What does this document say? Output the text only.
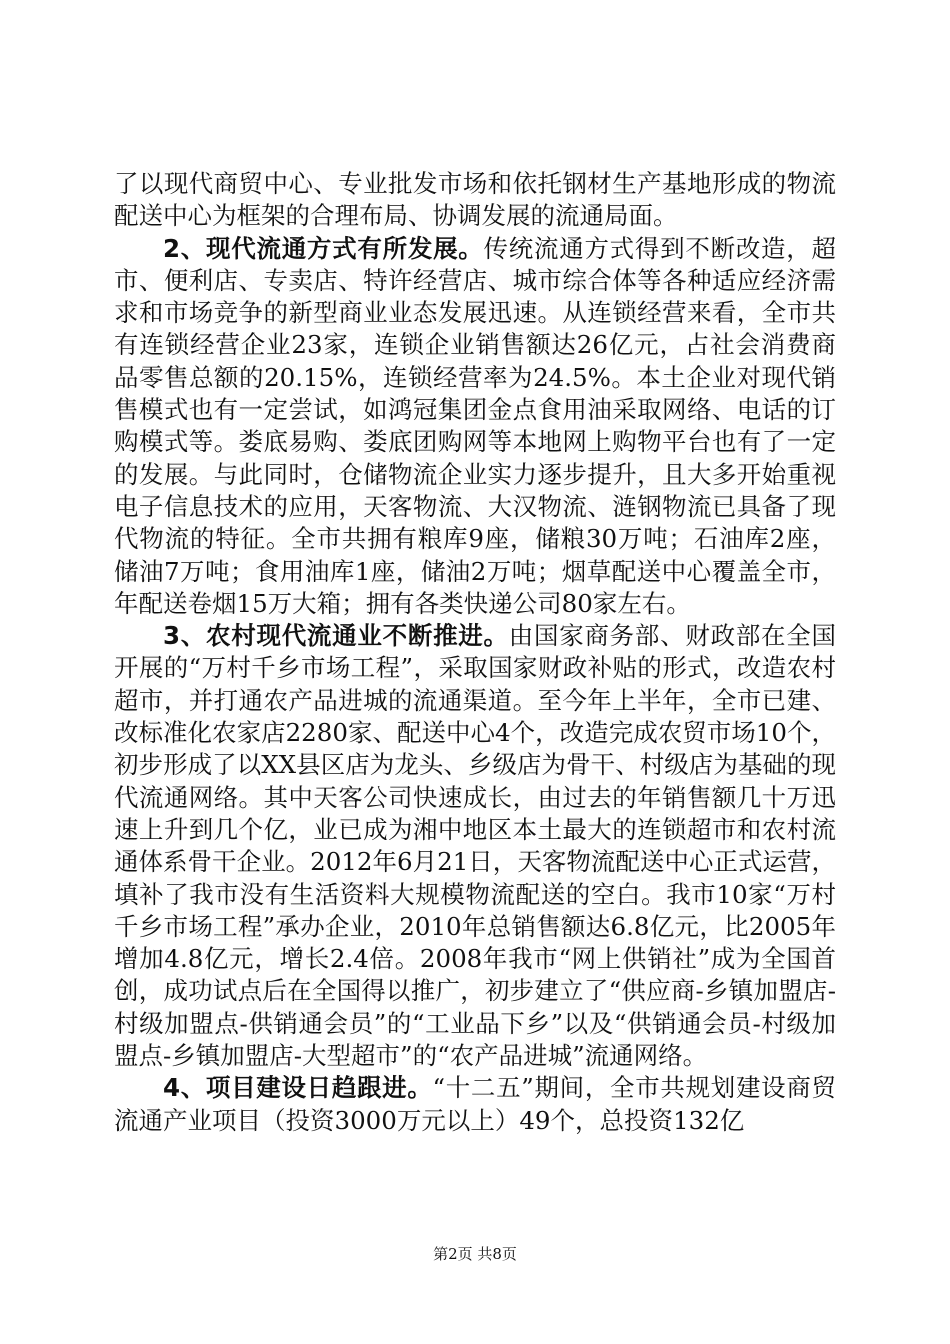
了以现代商贸中心、专业批发市场和依托钢材生产基地形成的物流配送中心为框架的合理布局、协调发展的流通局面。

2、现代流通方式有所发展。传统流通方式得到不断改造，超市、便利店、专卖店、特许经营店、城市综合体等各种适应经济需求和市场竞争的新型商业业态发展迅速。从连锁经营来看，全市共有连锁经营企业23家，连锁企业销售额达26亿元，占社会消费商品零售总额的20.15%，连锁经营率为24.5%。本土企业对现代销售模式也有一定尝试，如鸿冠集团金点食用油采取网络、电话的订购模式等。娄底易购、娄底团购网等本地网上购物平台也有了一定的发展。与此同时，仓储物流企业实力逐步提升，且大多开始重视电子信息技术的应用，天客物流、大汉物流、涟钢物流已具备了现代物流的特征。全市共拥有粮库9座，储粮30万吨；石油库2座，储油7万吨；食用油库1座，储油2万吨；烟草配送中心覆盖全市，年配送卷烟15万大箱；拥有各类快递公司80家左右。

3、农村现代流通业不断推进。由国家商务部、财政部在全国开展的“万村千乡市场工程”，采取国家财政补贴的形式，改造农村超市，并打通农产品进城的流通渠道。至今年上半年，全市已建、改标准化农家店2280家、配送中心4个，改造完成农贸市场10个，初步形成了以XX县区店为龙头、乡级店为骨干、村级店为基础的现代流通网络。其中天客公司快速成长，由过去的年销售额几十万迅速上升到几个亿，业已成为湘中地区本土最大的连锁超市和农村流通体系骨干企业。2012年6月21日，天客物流配送中心正式运营，填补了我市没有生活资料大规模物流配送的空白。我市10家“万村千乡市场工程”承办企业，2010年总销售额达6.8亿元，比2005年增加4.8亿元，增长2.4倍。2008年我市“网上供销社”成为全国首创，成功试点后在全国得以推广，初步建立了“供应商-乡镇加盟店-村级加盟点-供销通会员”的“工业品下乡”以及“供销通会员-村级加盟点-乡镇加盟店-大型超市”的“农产品进城”流通网络。

4、项目建设日趋跟进。“十二五”期间，全市共规划建设商贸流通产业项目（投资3000万元以上）49个，总投资132亿

第2页 共8页
